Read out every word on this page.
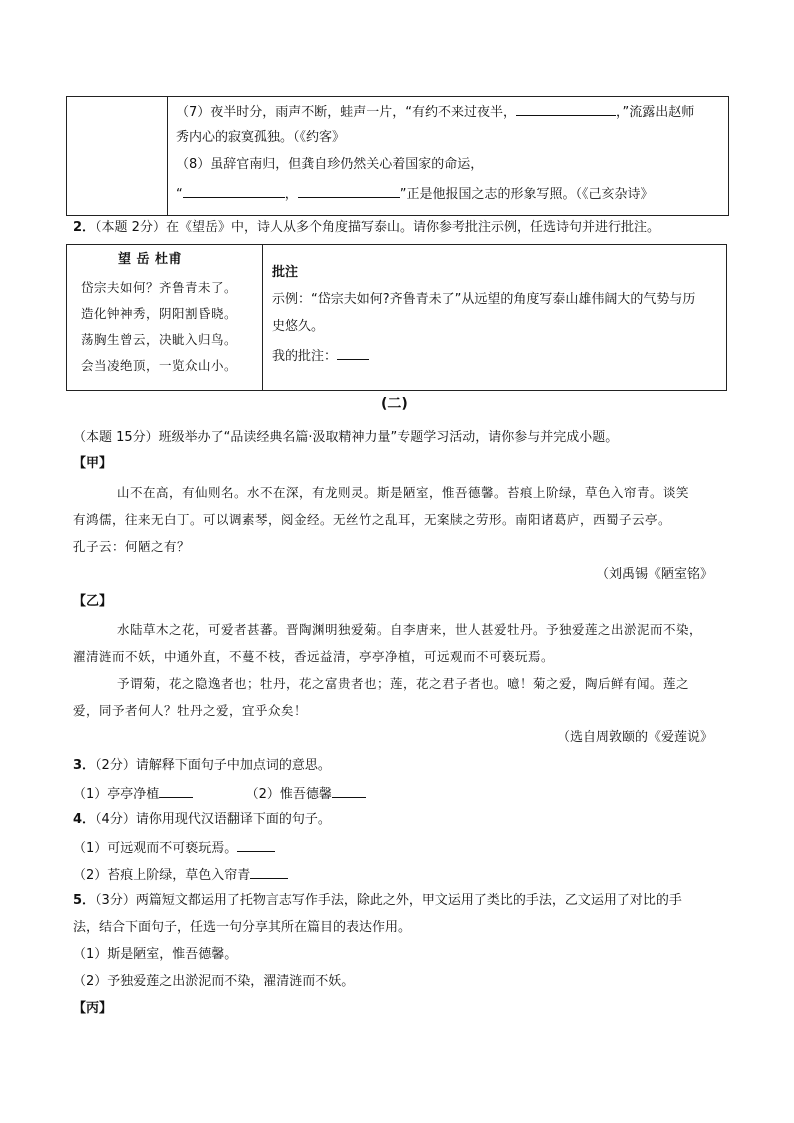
（7）夜半时分，雨声不断，蛙声一片，“有约不来过夜半，	，”流露出赵师
秀内心的寂寞孤独。（《约客》
（8）虽辞官南归，但龚自珍仍然关心着国家的命运，
“	，	”正是他报国之志的形象写照。（《己亥杂诗》
2．（本题 2分）在《望岳》中，诗人从多个角度描写泰山。请你参考批注示例，任选诗句并进行批注。
望 岳 杜甫
岱宗夫如何？齐鲁青未了。
造化钟神秀，阴阳割昏晓。
荡胸生曾云，决眦入归鸟。
会当凌绝顶，一览众山小。
批注
示例：“岱宗夫如何?齐鲁青未了”从远望的角度写泰山雄伟阔大的气势与历
史悠久。
我的批注：
(二)
（本题 15分）班级举办了“品读经典名篇·汲取精神力量”专题学习活动，请你参与并完成小题。
【甲】
山不在高，有仙则名。水不在深，有龙则灵。斯是陋室，惟吾德馨。苔痕上阶绿，草色入帘青。谈笑
有鸿儒，往来无白丁。可以调素琴，阅金经。无丝竹之乱耳，无案牍之劳形。南阳诸葛庐，西蜀子云亭。
孔子云：何陋之有？
（刘禹锡《陋室铭》
【乙】
水陆草木之花，可爱者甚蕃。晋陶渊明独爱菊。自李唐来，世人甚爱牡丹。予独爱莲之出淤泥而不染，
濯清涟而不妖，中通外直，不蔓不枝，香远益清，亭亭净植，可远观而不可亵玩焉。
予谓菊，花之隐逸者也；牡丹，花之富贵者也；莲，花之君子者也。噫！菊之爱，陶后鲜有闻。莲之
爱，同予者何人？牡丹之爱，宜乎众矣！
（选自周敦颐的《爱莲说》
3．（2分）请解释下面句子中加点词的意思。
（1）亭亭净植	（2）惟吾德馨
4．（4分）请你用现代汉语翻译下面的句子。
（1）可远观而不可亵玩焉。
（2）苔痕上阶绿，草色入帘青
5．（3分）两篇短文都运用了托物言志写作手法，除此之外，甲文运用了类比的手法，乙文运用了对比的手
法，结合下面句子，任选一句分享其所在篇目的表达作用。
（1）斯是陋室，惟吾德馨。
（2）予独爱莲之出淤泥而不染，濯清涟而不妖。
【丙】
